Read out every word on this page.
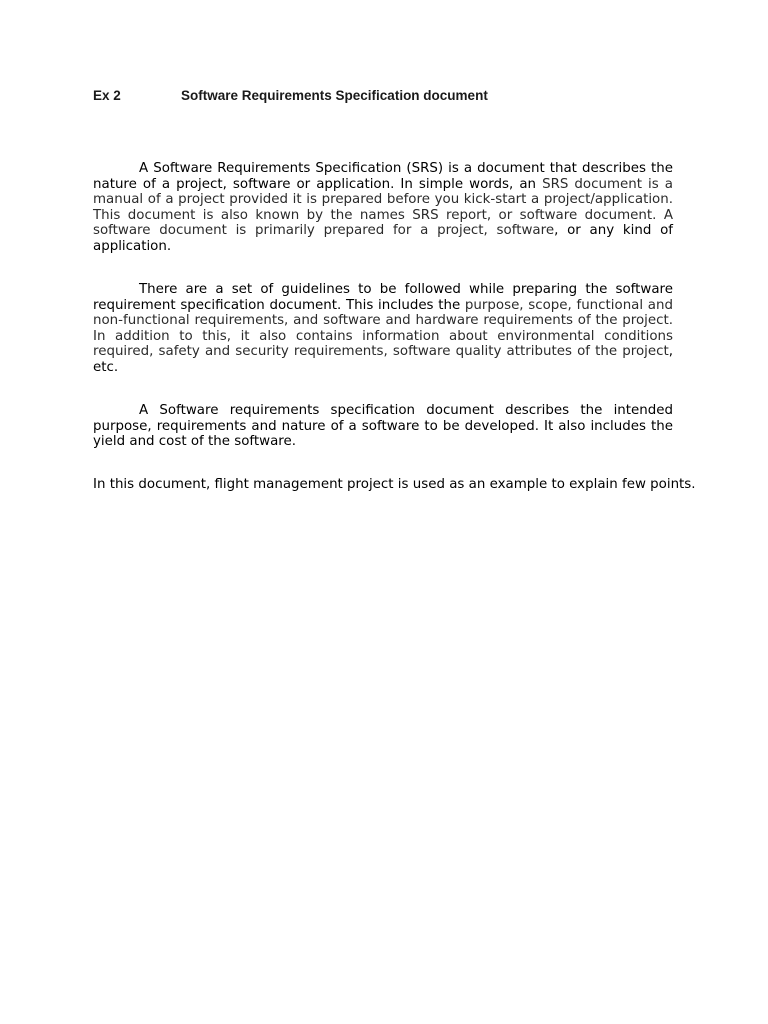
Ex 2	Software Requirements Specification document

A Software Requirements Specification (SRS) is a document that describes the nature of a project, software or application. In simple words, an SRS document is a manual of a project provided it is prepared before you kick-start a project/application. This document is also known by the names SRS report, or software document. A software document is primarily prepared for a project, software, or any kind of application.

There are a set of guidelines to be followed while preparing the software requirement specification document. This includes the purpose, scope, functional and non-functional requirements, and software and hardware requirements of the project. In addition to this, it also contains information about environmental conditions required, safety and security requirements, software quality attributes of the project, etc.

A Software requirements specification document describes the intended purpose, requirements and nature of a software to be developed. It also includes the yield and cost of the software.

In this document, flight management project is used as an example to explain few points.
